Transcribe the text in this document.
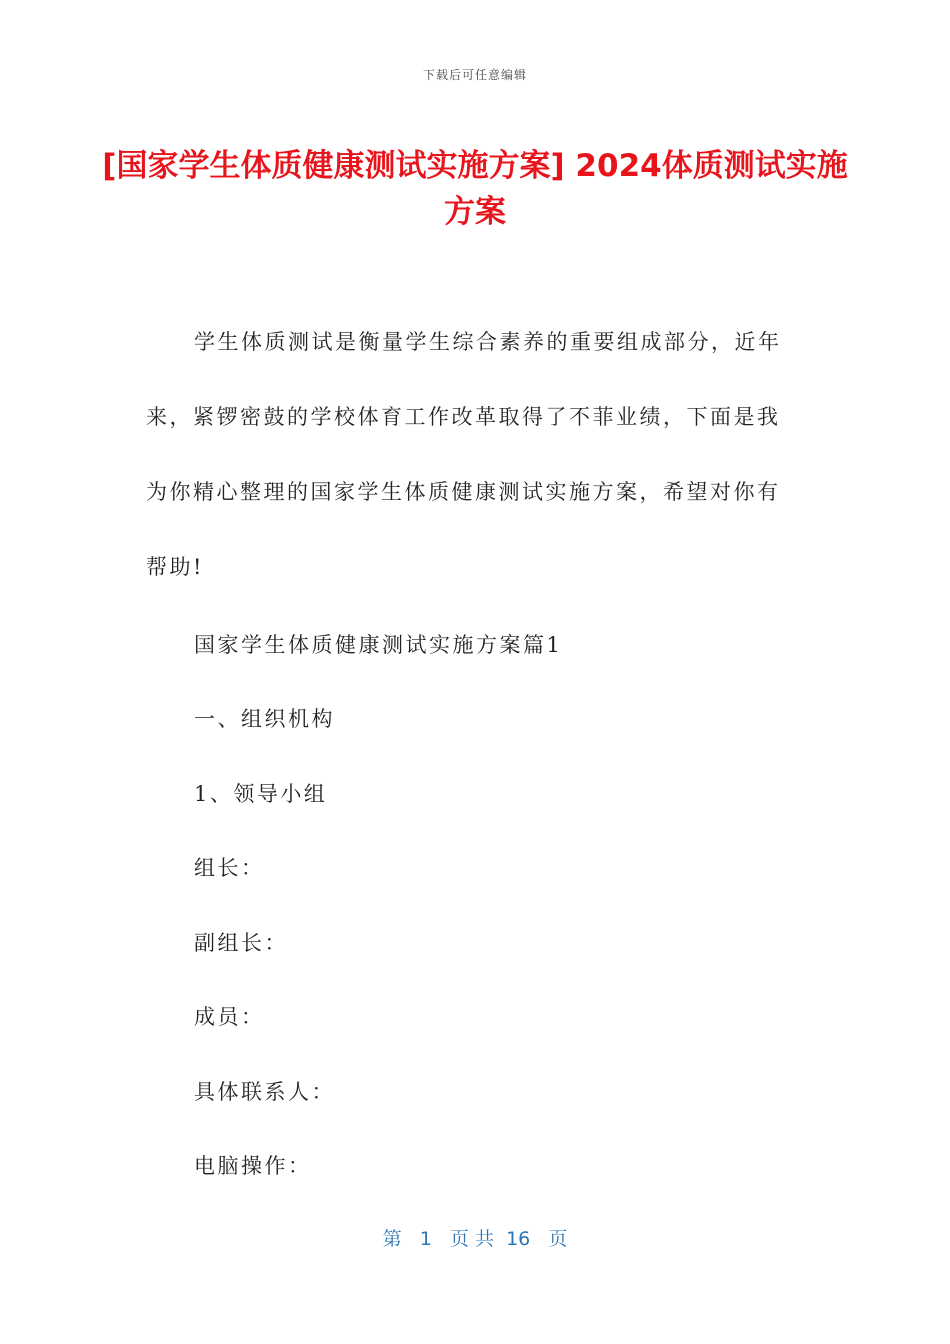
下载后可任意编辑
[国家学生体质健康测试实施方案] 2024体质测试实施方案

学生体质测试是衡量学生综合素养的重要组成部分，近年来，紧锣密鼓的学校体育工作改革取得了不菲业绩，下面是我为你精心整理的国家学生体质健康测试实施方案，希望对你有帮助!

国家学生体质健康测试实施方案篇1

一、组织机构

1、领导小组

组长：

副组长：

成员：

具体联系人：

电脑操作：

第 1 页 共 16 页
